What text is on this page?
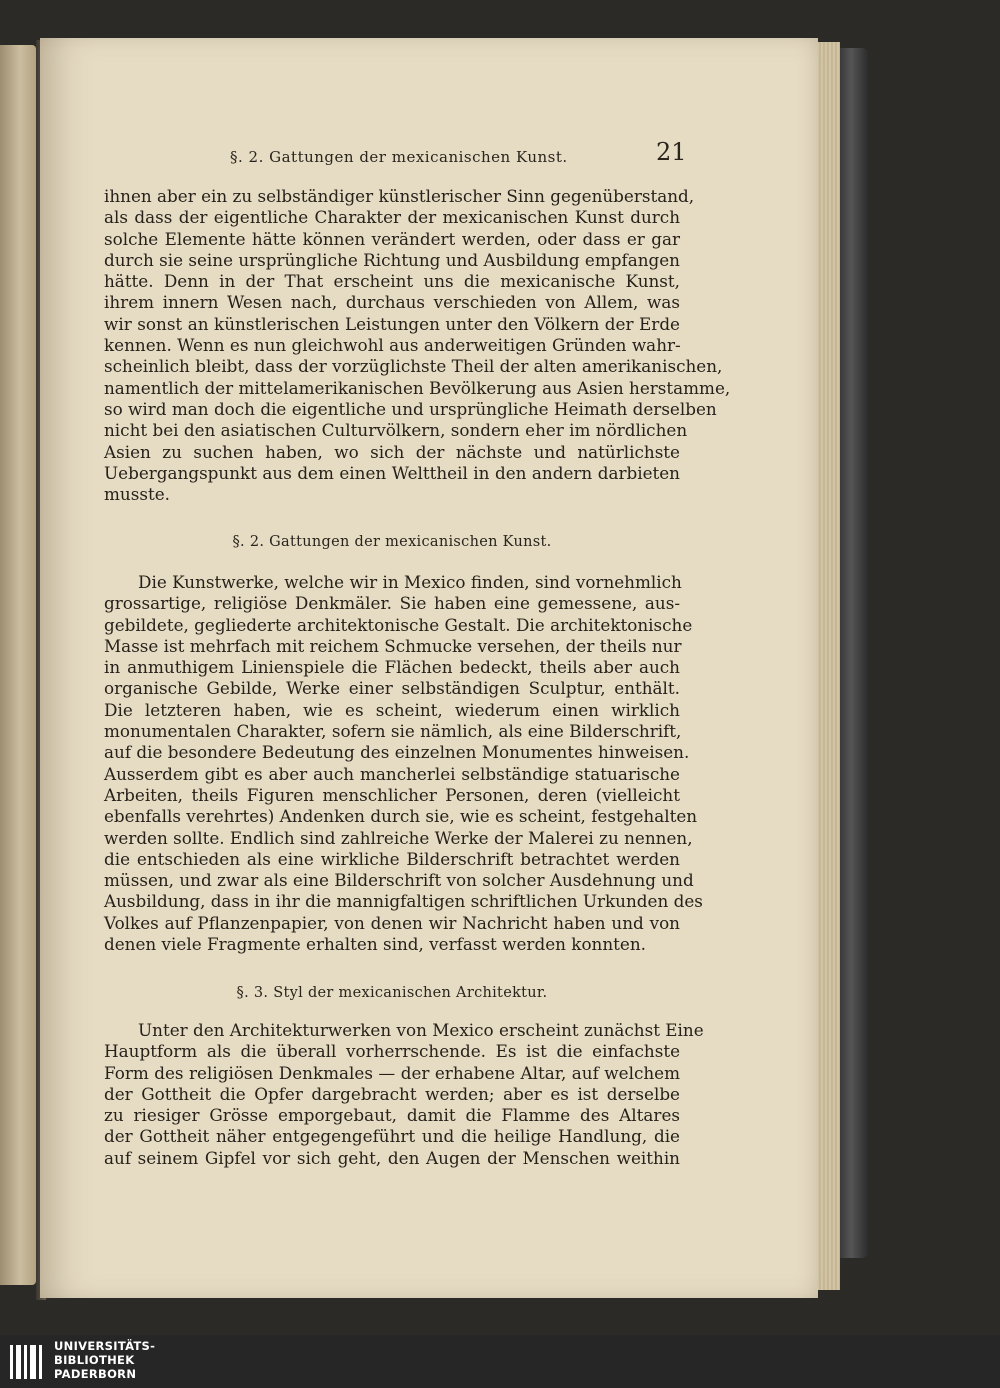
§. 2. Gattungen der mexicanischen Kunst.	21
ihnen aber ein zu selbständiger künstlerischer Sinn gegenüberstand,
als dass der eigentliche Charakter der mexicanischen Kunst durch
solche Elemente hätte können verändert werden, oder dass er gar
durch sie seine ursprüngliche Richtung und Ausbildung empfangen
hätte. Denn in der That erscheint uns die mexicanische Kunst,
ihrem innern Wesen nach, durchaus verschieden von Allem, was
wir sonst an künstlerischen Leistungen unter den Völkern der Erde
kennen. Wenn es nun gleichwohl aus anderweitigen Gründen wahr-
scheinlich bleibt, dass der vorzüglichste Theil der alten amerikanischen,
namentlich der mittelamerikanischen Bevölkerung aus Asien herstamme,
so wird man doch die eigentliche und ursprüngliche Heimath derselben
nicht bei den asiatischen Culturvölkern, sondern eher im nördlichen
Asien zu suchen haben, wo sich der nächste und natürlichste
Uebergangspunkt aus dem einen Welttheil in den andern darbieten
musste.
§. 2. Gattungen der mexicanischen Kunst.
Die Kunstwerke, welche wir in Mexico finden, sind vornehmlich
grossartige, religiöse Denkmäler. Sie haben eine gemessene, aus-
gebildete, gegliederte architektonische Gestalt. Die architektonische
Masse ist mehrfach mit reichem Schmucke versehen, der theils nur
in anmuthigem Linienspiele die Flächen bedeckt, theils aber auch
organische Gebilde, Werke einer selbständigen Sculptur, enthält.
Die letzteren haben, wie es scheint, wiederum einen wirklich
monumentalen Charakter, sofern sie nämlich, als eine Bilderschrift,
auf die besondere Bedeutung des einzelnen Monumentes hinweisen.
Ausserdem gibt es aber auch mancherlei selbständige statuarische
Arbeiten, theils Figuren menschlicher Personen, deren (vielleicht
ebenfalls verehrtes) Andenken durch sie, wie es scheint, festgehalten
werden sollte. Endlich sind zahlreiche Werke der Malerei zu nennen,
die entschieden als eine wirkliche Bilderschrift betrachtet werden
müssen, und zwar als eine Bilderschrift von solcher Ausdehnung und
Ausbildung, dass in ihr die mannigfaltigen schriftlichen Urkunden des
Volkes auf Pflanzenpapier, von denen wir Nachricht haben und von
denen viele Fragmente erhalten sind, verfasst werden konnten.
§. 3. Styl der mexicanischen Architektur.
Unter den Architekturwerken von Mexico erscheint zunächst Eine
Hauptform als die überall vorherrschende. Es ist die einfachste
Form des religiösen Denkmales — der erhabene Altar, auf welchem
der Gottheit die Opfer dargebracht werden; aber es ist derselbe
zu riesiger Grösse emporgebaut, damit die Flamme des Altares
der Gottheit näher entgegengeführt und die heilige Handlung, die
auf seinem Gipfel vor sich geht, den Augen der Menschen weithin
UNIVERSITÄTS-
BIBLIOTHEK
PADERBORN
